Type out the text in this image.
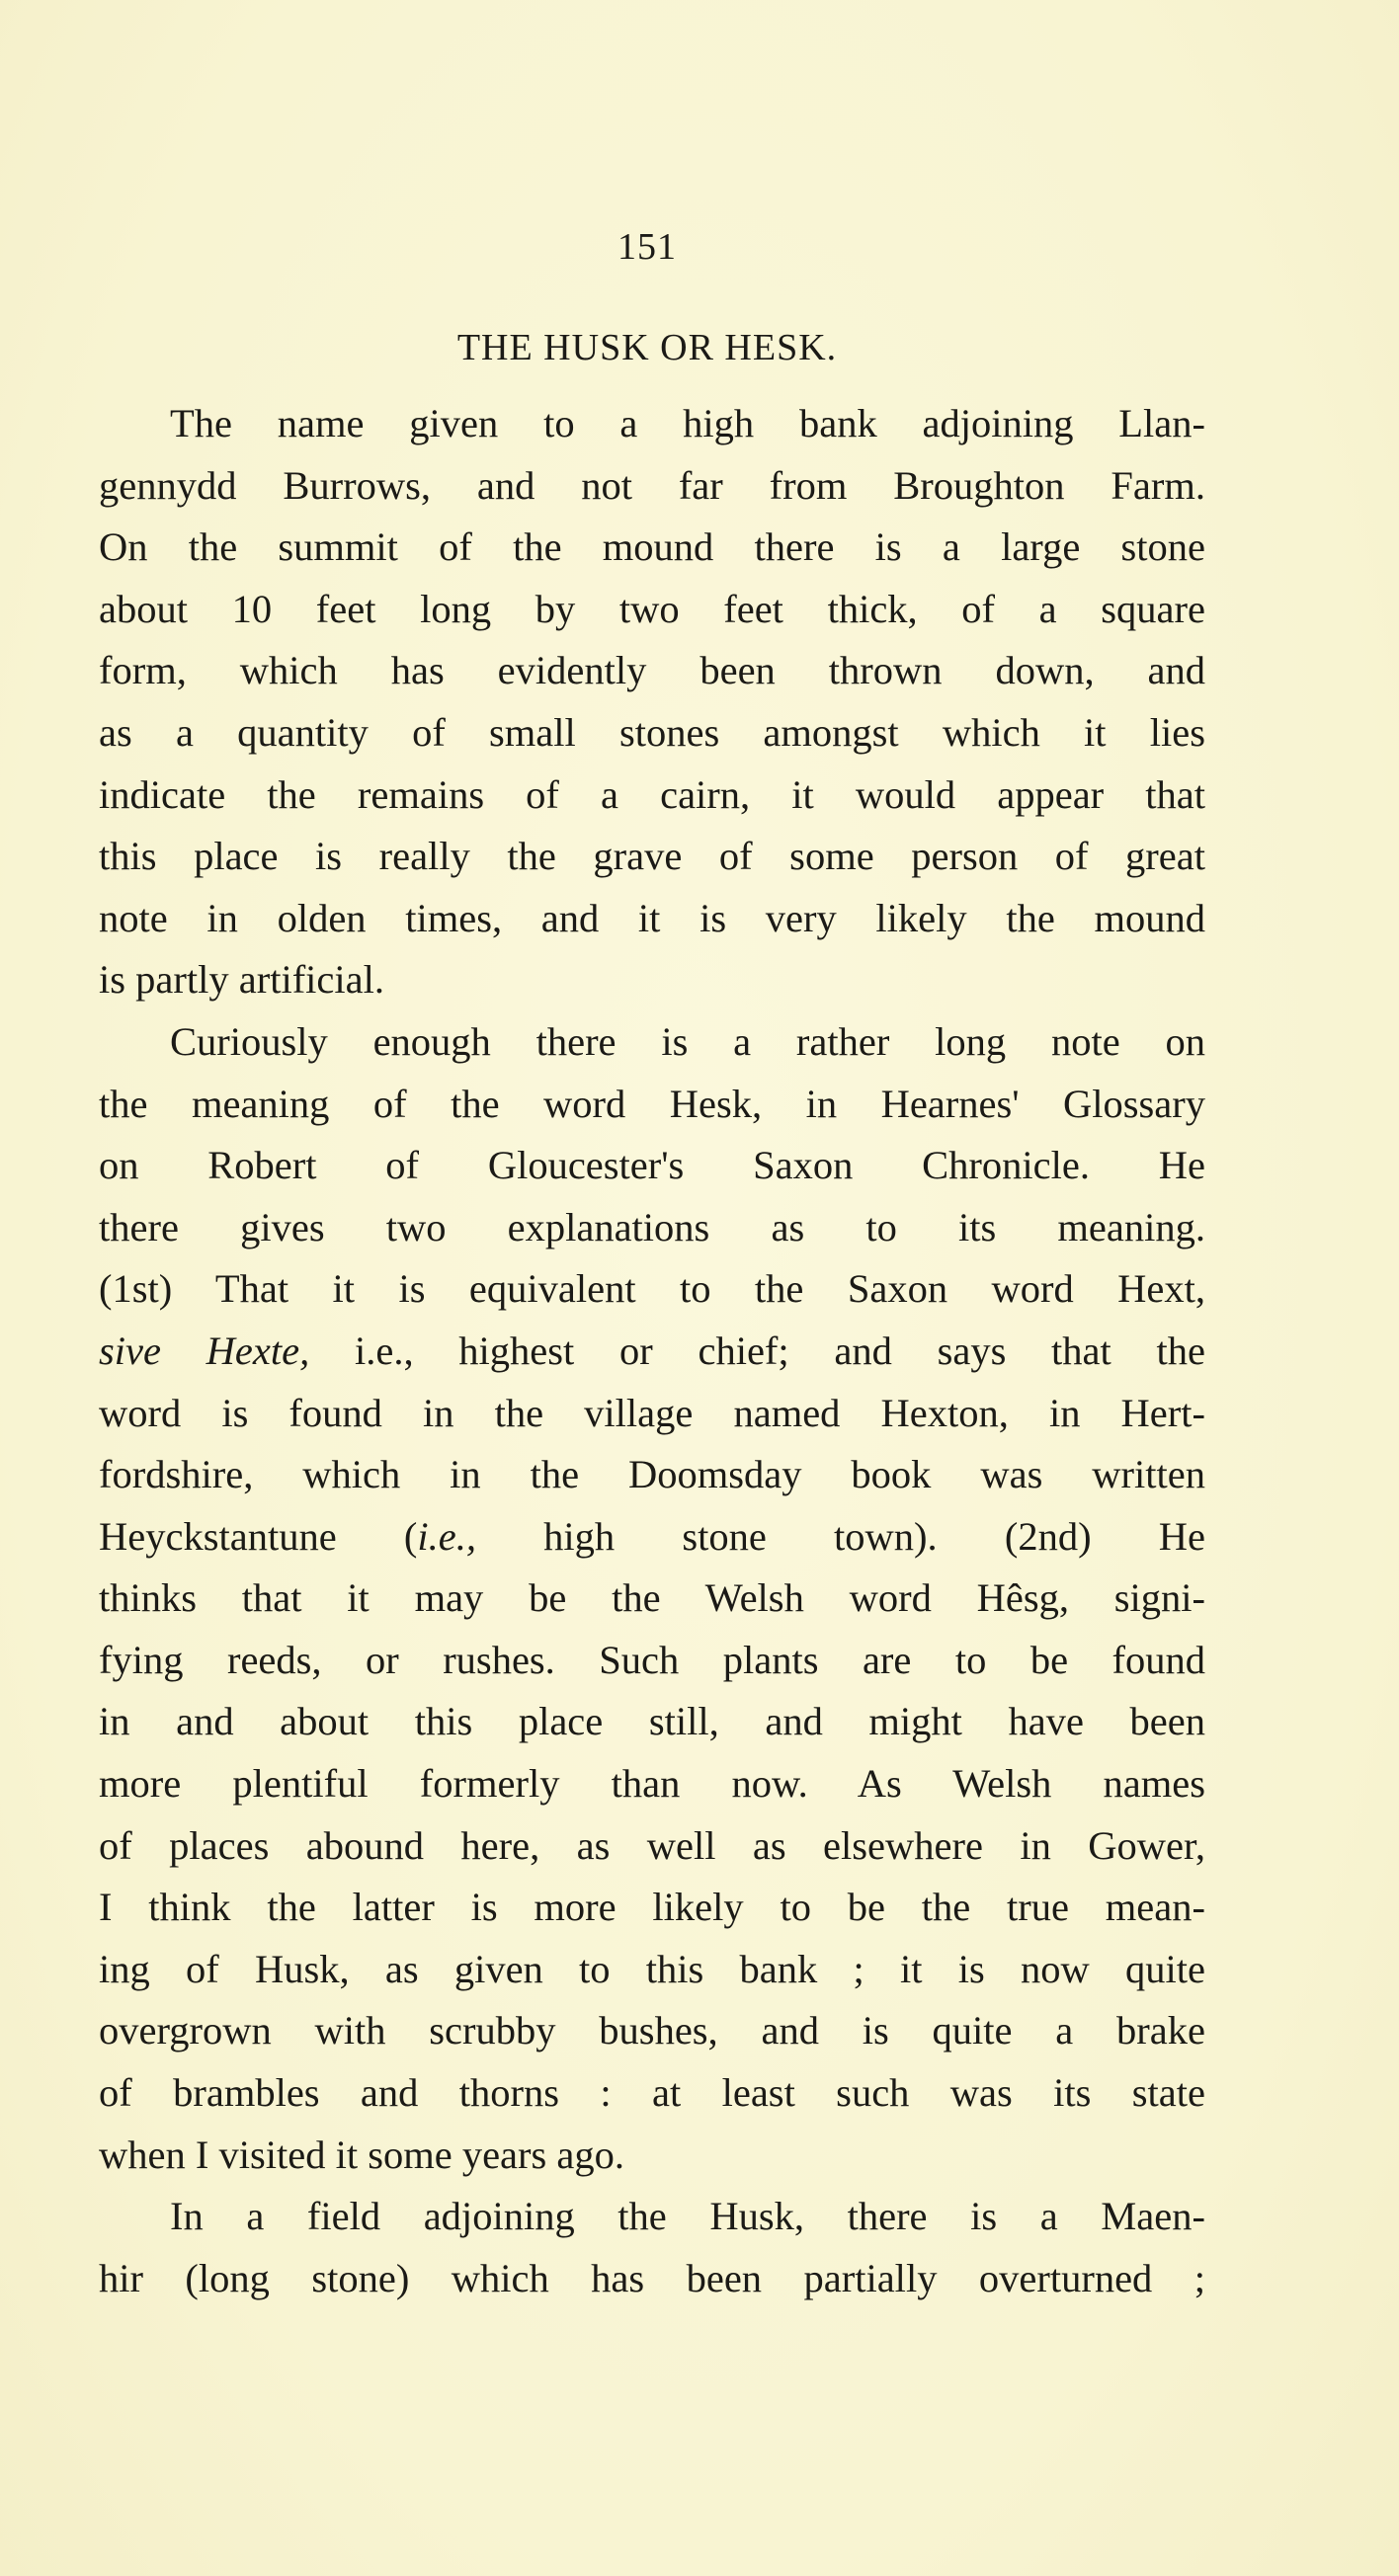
151
THE HUSK OR HESK.
The name given to a high bank adjoining Llan-
gennydd Burrows, and not far from Broughton Farm.
On the summit of the mound there is a large stone
about 10 feet long by two feet thick, of a square
form, which has evidently been thrown down, and
as a quantity of small stones amongst which it lies
indicate the remains of a cairn, it would appear that
this place is really the grave of some person of great
note in olden times, and it is very likely the mound
is partly artificial.
Curiously enough there is a rather long note on
the meaning of the word Hesk, in Hearnes' Glossary
on Robert of Gloucester's Saxon Chronicle. He
there gives two explanations as to its meaning.
(1st) That it is equivalent to the Saxon word Hext,
sive Hexte, i.e., highest or chief; and says that the
word is found in the village named Hexton, in Hert-
fordshire, which in the Doomsday book was written
Heyckstantune (i.e., high stone town). (2nd) He
thinks that it may be the Welsh word Hêsg, signi-
fying reeds, or rushes. Such plants are to be found
in and about this place still, and might have been
more plentiful formerly than now. As Welsh names
of places abound here, as well as elsewhere in Gower,
I think the latter is more likely to be the true mean-
ing of Husk, as given to this bank ; it is now quite
overgrown with scrubby bushes, and is quite a brake
of brambles and thorns : at least such was its state
when I visited it some years ago.
In a field adjoining the Husk, there is a Maen-
hir (long stone) which has been partially overturned ;
